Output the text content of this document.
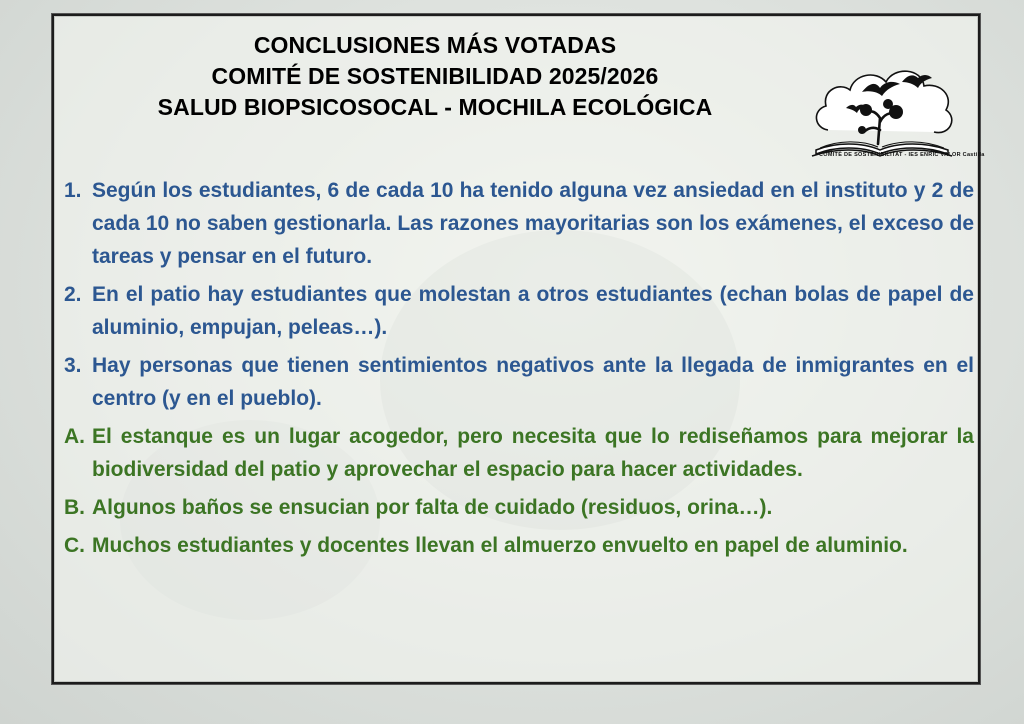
CONCLUSIONES MÁS VOTADAS
COMITÉ DE SOSTENIBILIDAD 2025/2026
SALUD BIOPSICOSOCAL - MOCHILA ECOLÓGICA
COMITÈ DE SOSTENIBILITAT - IES ENRIC VALOR Castilla
1. Según los estudiantes, 6 de cada 10 ha tenido alguna vez ansiedad en el instituto y 2 de cada 10 no saben gestionarla. Las razones mayoritarias son los exámenes, el exceso de tareas y pensar en el futuro.
2. En el patio hay estudiantes que molestan a otros estudiantes (echan bolas de papel de aluminio, empujan, peleas…).
3. Hay personas que tienen sentimientos negativos ante la llegada de inmigrantes en el centro (y en el pueblo).
A. El estanque es un lugar acogedor, pero necesita que lo rediseñamos para mejorar la biodiversidad del patio y aprovechar el espacio para hacer actividades.
B. Algunos baños se ensucian por falta de cuidado (residuos, orina…).
C. Muchos estudiantes y docentes llevan el almuerzo envuelto en papel de aluminio.
